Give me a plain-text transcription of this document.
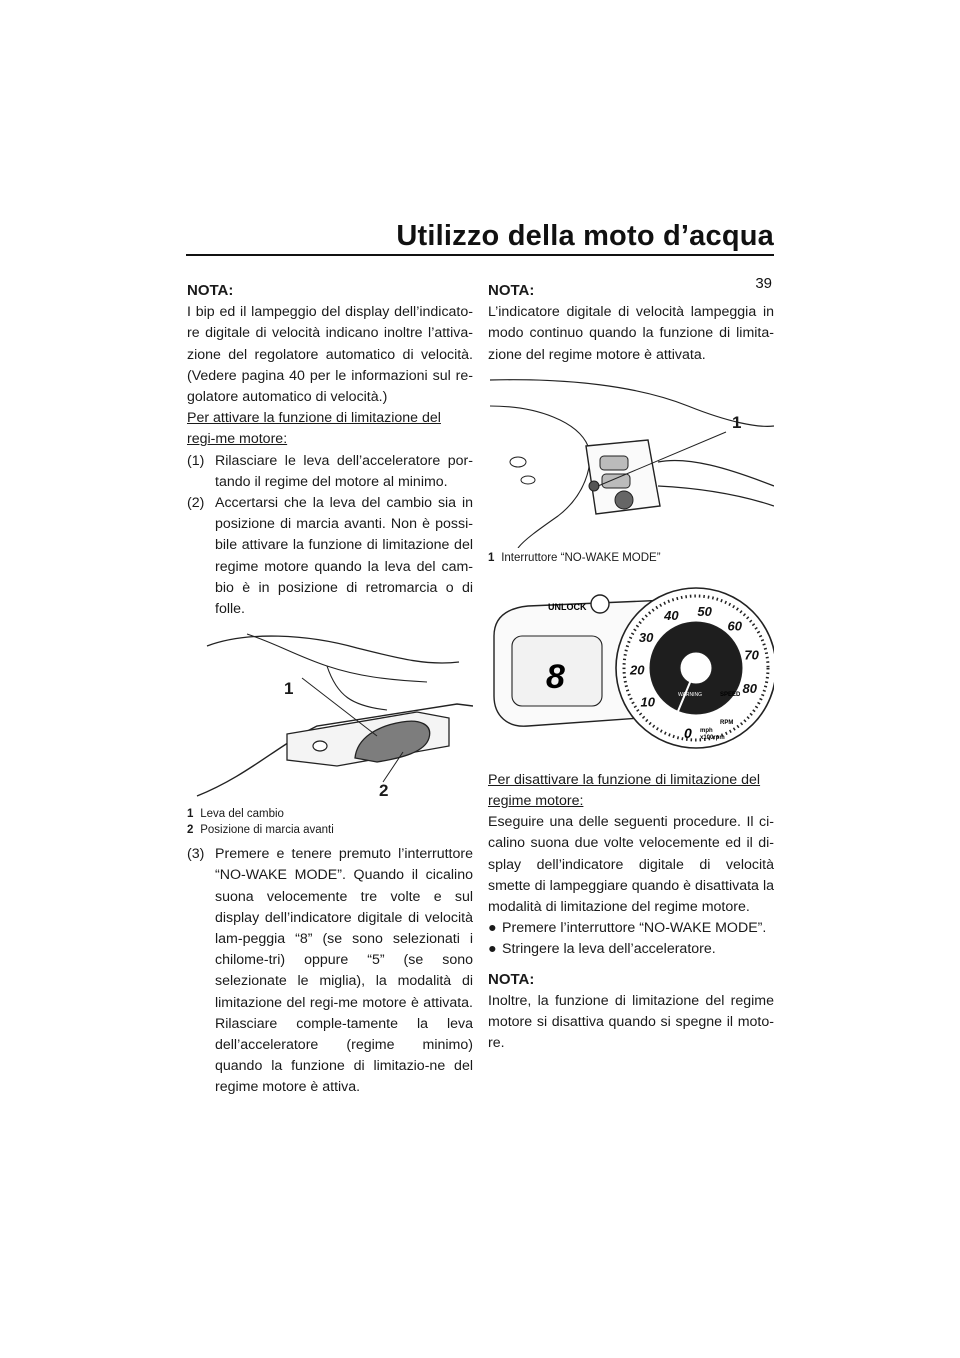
Utilizzo della moto d’acqua
39
NOTA:

I bip ed il lampeggio del display dell’indicato-re digitale di velocità indicano inoltre l’attiva-zione del regolatore automatico di velocità. (Vedere pagina 40 per le informazioni sul re-golatore automatico di velocità.)

Per attivare la funzione di limitazione del regi-me motore:

(1) Rilasciare le leva dell’acceleratore por-tando il regime del motore al minimo.
(2) Accertarsi che la leva del cambio sia in posizione di marcia avanti. Non è possi-bile attivare la funzione di limitazione del regime motore quando la leva del cam-bio è in posizione di retromarcia o di folle.
1
2
1 Leva del cambio
2 Posizione di marcia avanti
(3) Premere e tenere premuto l’interruttore “NO-WAKE MODE”. Quando il cicalino suona velocemente tre volte e sul display dell’indicatore digitale di velocità lam-peggia “8” (se sono selezionati i chilome-tri) oppure “5” (se sono selezionate le miglia), la modalità di limitazione del regi-me motore è attivata. Rilasciare comple-tamente la leva dell’acceleratore (regime minimo) quando la funzione di limitazio-ne del regime motore è attiva.
NOTA:

L’indicatore digitale di velocità lampeggia in modo continuo quando la funzione di limita-zione del regime motore è attivata.

1
1 Interruttore “NO-WAKE MODE”
UNLOCK
8
10
20
30
40 50
60
70
80
WARNING	SPEED
RPM
0 mph
x100rpm

Per disattivare la funzione di limitazione del regime motore:

Eseguire una delle seguenti procedure. Il ci-calino suona due volte velocemente ed il di-splay dell’indicatore digitale di velocità smette di lampeggiare quando è disattivata la modalità di limitazione del regime motore.

● Premere l’interruttore “NO-WAKE MODE”.
● Stringere la leva dell’acceleratore.
NOTA:

Inoltre, la funzione di limitazione del regime motore si disattiva quando si spegne il moto-re.
